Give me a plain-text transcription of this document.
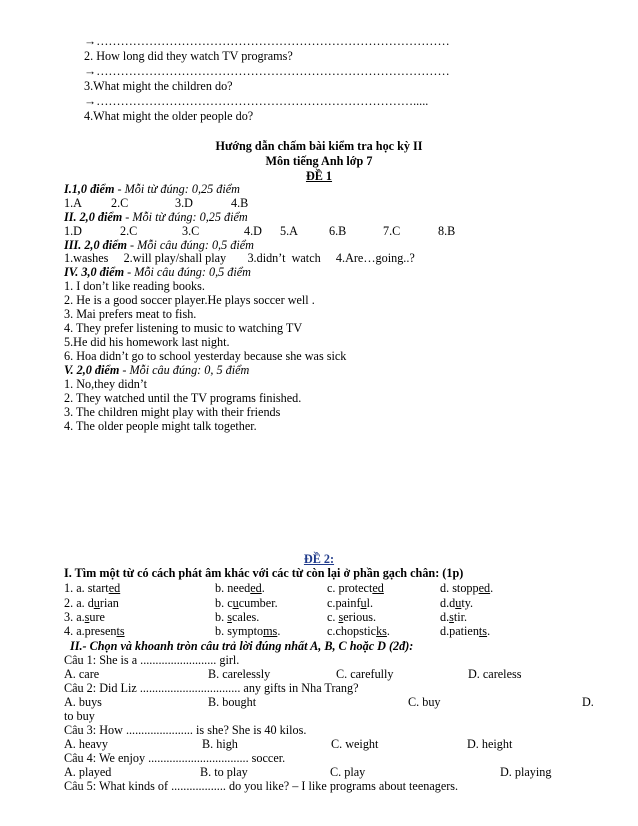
→……………………………………………………………………………
2. How long did they watch TV programs?
→……………………………………………………………………………
3.What might the children do?
→…………………………………………………………………….....
4.What might the older people do?
Hướng dẫn chấm bài kiểm tra học kỳ II
Môn tiếng Anh lớp 7
ĐỀ 1
I.1,0 điểm - Mỗi từ đúng: 0,25 điểm
1.A 2.C	3.D	4.B
II. 2,0 điểm - Mỗi từ đúng: 0,25 điểm
1.D	2.C	3.C	4.D 5.A	6.B	7.C	8.B
III. 2,0 điểm - Mỗi câu đúng: 0,5 điểm
1.washes     2.will play/shall play       3.didn’t  watch     4.Are…going..?
IV. 3,0 điểm - Mỗi câu đúng: 0,5 điểm
1. I don’t like reading books.
2. He is a good soccer player.He plays soccer well .
3. Mai prefers meat to fish.
4. They prefer listening to music to watching TV
5.He did his homework last night.
6. Hoa didn’t go to school yesterday because she was sick
V. 2,0 điểm - Mỗi câu đúng: 0, 5 điểm
1. No,they didn’t
2. They watched until the TV programs finished.
3. The children might play with their friends
4. The older people might talk together.
ĐỀ 2:
I. Tìm một từ có cách phát âm khác với các từ còn lại ở phần gạch chân: (1p)
1. a. started	b. needed.	c. protected	d. stopped.
2. a. durian	b. cucumber.	c.painful.	d.duty.
3. a.sure	b. scales.	c. serious.	d.stir.
4. a.presents	b. symptoms.	c.chopsticks.	d.patients.
II.- Chọn và khoanh tròn câu trả lời đúng nhất A, B, C hoặc D (2đ):
Câu 1: She is a ......................... girl.
A. care	B. carelessly	C. carefully	D. careless
Câu 2: Did Liz ................................. any gifts in Nha Trang?
A. buys	B. bought	C. buy	D.
to buy
Câu 3: How ...................... is she? She is 40 kilos.
A. heavy	B. high	C. weight	D. height
Câu 4: We enjoy ................................. soccer.
A. played	B. to play	C. play	D. playing
Câu 5: What kinds of .................. do you like? – I like programs about teenagers.
